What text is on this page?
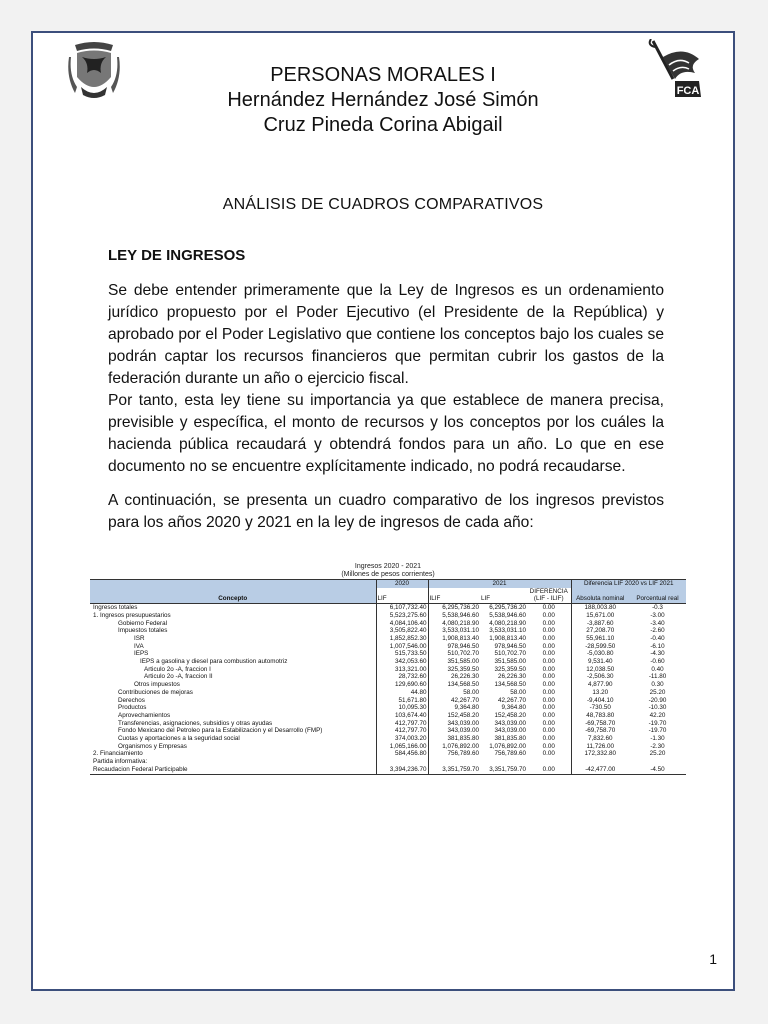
FCA
PERSONAS MORALES I
Hernández Hernández José Simón
Cruz Pineda Corina Abigail
ANÁLISIS DE CUADROS COMPARATIVOS
LEY DE INGRESOS
Se debe entender primeramente que la Ley de Ingresos es un ordenamiento jurídico propuesto por el Poder Ejecutivo (el Presidente de la República) y aprobado por el Poder Legislativo que contiene los conceptos bajo los cuales se podrán captar los recursos financieros que permitan cubrir los gastos de la federación durante un año o ejercicio fiscal.
Por tanto, esta ley tiene su importancia ya que establece de manera precisa, previsible y específica, el monto de recursos y los conceptos por los cuáles la hacienda pública recaudará y obtendrá fondos para un año. Lo que en ese documento no se encuentre explícitamente indicado, no podrá recaudarse.
A continuación, se presenta un cuadro comparativo de los ingresos previstos para los años 2020 y 2021 en la ley de ingresos de cada año:
Ingresos 2020 - 2021
(Millones de pesos corrientes)
	2020	2021			Diferencia LIF 2020 vs LIF 2021	
Concepto	LIF	ILIF	LIF	DIFERENCIA
(LIF - ILIF)	Absoluta nominal	Porcentual real
Ingresos totales	6,107,732.40	6,295,736.20	6,295,736.20	0.00	188,003.80	-0.3
1. Ingresos presupuestarios	5,523,275.60	5,538,946.60	5,538,946.60	0.00	15,671.00	-3.00
Gobierno Federal	4,084,106.40	4,080,218.90	4,080,218.90	0.00	-3,887.60	-3.40
Impuestos totales	3,505,822.40	3,533,031.10	3,533,031.10	0.00	27,208.70	-2.60
ISR	1,852,852.30	1,908,813.40	1,908,813.40	0.00	55,961.10	-0.40
IVA	1,007,546.00	978,946.50	978,946.50	0.00	-28,599.50	-6.10
IEPS	515,733.50	510,702.70	510,702.70	0.00	-5,030.80	-4.30
IEPS a gasolina y diesel para combustion automotriz	342,053.60	351,585.00	351,585.00	0.00	9,531.40	-0.60
Articulo 2o -A, fraccion I	313,321.00	325,359.50	325,359.50	0.00	12,038.50	0.40
Articulo 2o -A, fraccion II	28,732.60	26,226.30	26,226.30	0.00	-2,506.30	-11.80
Otros impuestos	129,690.60	134,568.50	134,568.50	0.00	4,877.90	0.30
Contribuciones de mejoras	44.80	58.00	58.00	0.00	13.20	25.20
Derechos	51,671.80	42,267.70	42,267.70	0.00	-9,404.10	-20.90
Productos	10,095.30	9,364.80	9,364.80	0.00	-730.50	-10.30
Aprovechamientos	103,674.40	152,458.20	152,458.20	0.00	48,783.80	42.20
Transferencias, asignaciones, subsidios y otras ayudas	412,797.70	343,039.00	343,039.00	0.00	-69,758.70	-19.70
Fondo Mexicano del Petroleo para la Estabilizacion y el Desarrollo (FMP)	412,797.70	343,039.00	343,039.00	0.00	-69,758.70	-19.70
Cuotas y aportaciones a la seguridad social	374,003.20	381,835.80	381,835.80	0.00	7,832.60	-1.30
Organismos y Empresas	1,065,166.00	1,076,892.00	1,076,892.00	0.00	11,726.00	-2.30
2. Financiamiento	584,456.80	756,789.60	756,789.60	0.00	172,332.80	25.20
Partida informativa:						
Recaudacion Federal Participable	3,394,236.70	3,351,759.70	3,351,759.70	0.00	-42,477.00	-4.50
1
